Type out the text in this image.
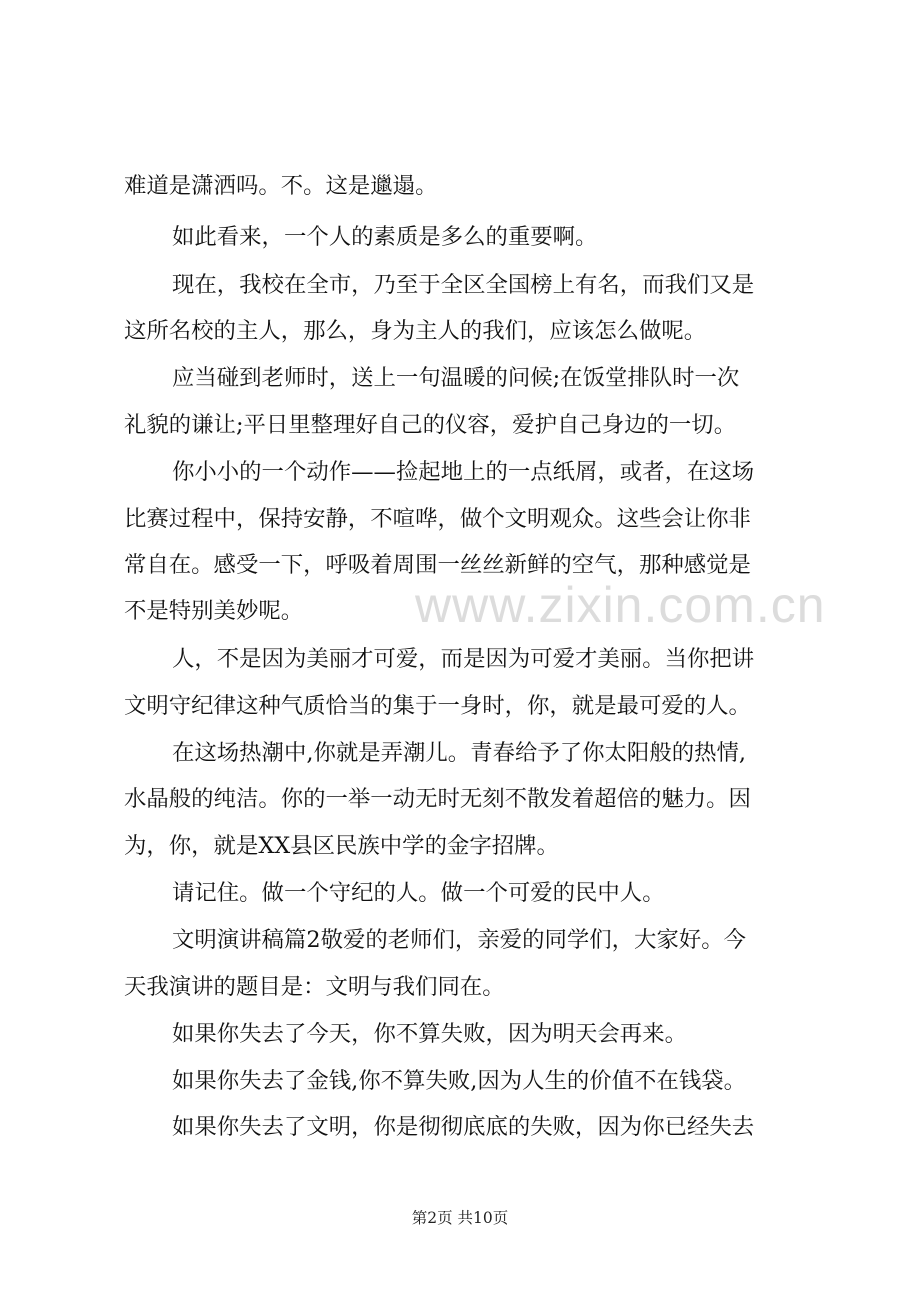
www.zixin.com.cn
难道是潇洒吗。不。这是邋遢。
如此看来，一个人的素质是多么的重要啊。
现在，我校在全市，乃至于全区全国榜上有名，而我们又是
这所名校的主人，那么，身为主人的我们，应该怎么做呢。
应当碰到老师时，送上一句温暖的问候;在饭堂排队时一次
礼貌的谦让;平日里整理好自己的仪容，爱护自己身边的一切。
你小小的一个动作——捡起地上的一点纸屑，或者，在这场
比赛过程中，保持安静，不喧哗，做个文明观众。这些会让你非
常自在。感受一下，呼吸着周围一丝丝新鲜的空气，那种感觉是
不是特别美妙呢。
人，不是因为美丽才可爱，而是因为可爱才美丽。当你把讲
文明守纪律这种气质恰当的集于一身时，你，就是最可爱的人。
在这场热潮中,你就是弄潮儿。青春给予了你太阳般的热情,
水晶般的纯洁。你的一举一动无时无刻不散发着超倍的魅力。因
为，你，就是XX县区民族中学的金字招牌。
请记住。做一个守纪的人。做一个可爱的民中人。
文明演讲稿篇2敬爱的老师们，亲爱的同学们，大家好。今
天我演讲的题目是：文明与我们同在。
如果你失去了今天，你不算失败，因为明天会再来。
如果你失去了金钱,你不算失败,因为人生的价值不在钱袋。
如果你失去了文明，你是彻彻底底的失败，因为你已经失去
第2页 共10页
